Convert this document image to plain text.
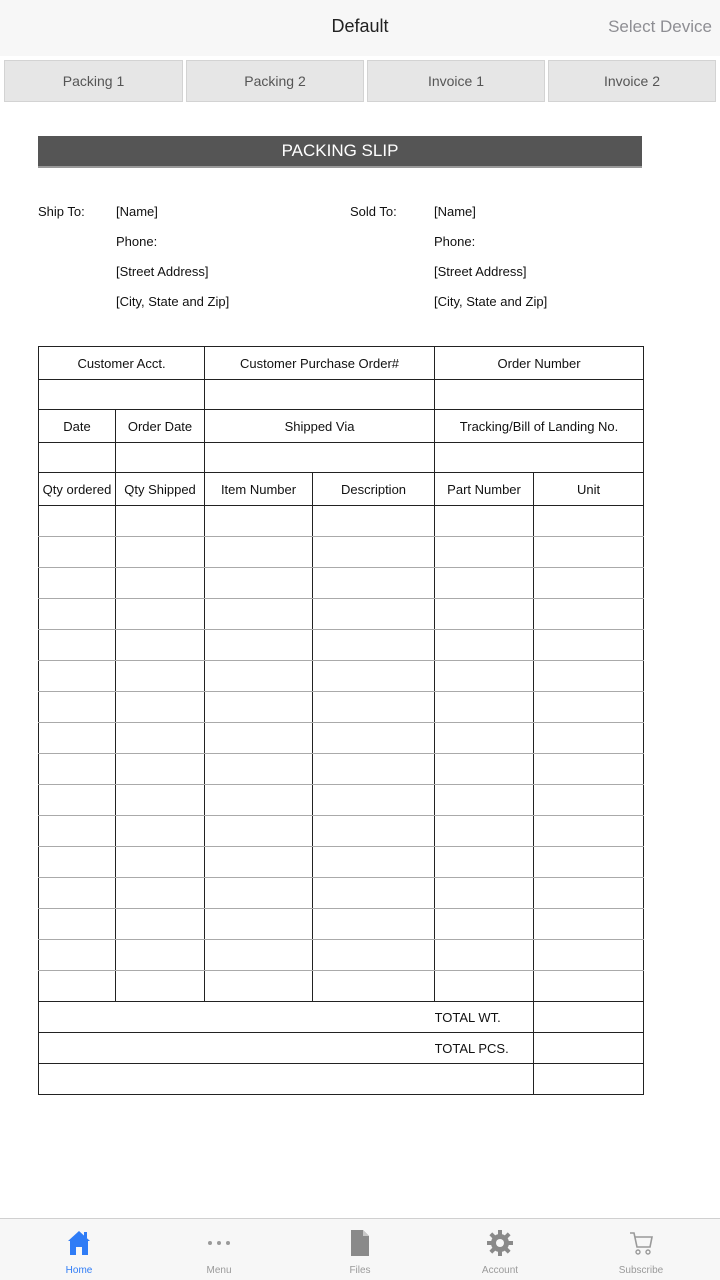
Default	Select Device
Packing 1	Packing 2	Invoice 1	Invoice 2
PACKING SLIP
Ship To: [Name]
Phone:
[Street Address]
[City, State and Zip]
Sold To:	[Name]
Phone:
[Street Address]
[City, State and Zip]
Customer Acct.		Customer Purchase Order#		Order Number	

Date	Order Date	Shipped Via		Tracking/Bill of Landing No.	

Qty ordered	Qty Shipped	Item Number	Description	Part Number	Unit

				TOTAL WT.	
				TOTAL PCS.	

Home	Menu	Files	Account	Subscribe
